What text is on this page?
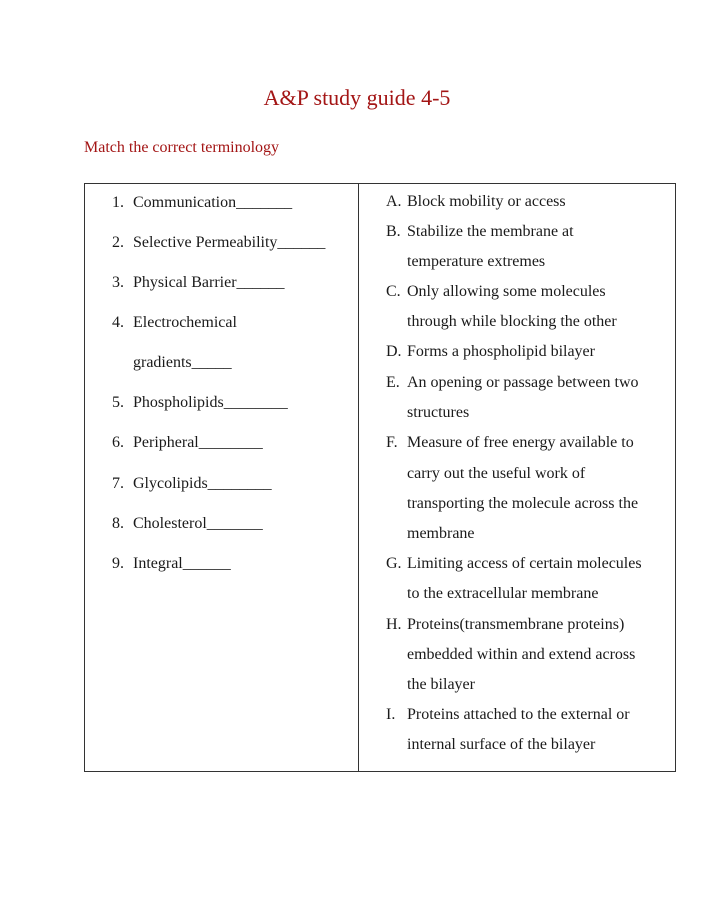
A&P study guide 4-5
Match the correct terminology
1. Communication_______
2. Selective Permeability______
3. Physical Barrier______
4. Electrochemical
gradients_____
5. Phospholipids________
6. Peripheral________
7. Glycolipids________
8. Cholesterol_______
9. Integral______
A. Block mobility or access
B. Stabilize the membrane at
temperature extremes
C. Only allowing some molecules
through while blocking the other
D. Forms a phospholipid bilayer
E. An opening or passage between two
structures
F. Measure of free energy available to
carry out the useful work of
transporting the molecule across the
membrane
G. Limiting access of certain molecules
to the extracellular membrane
H. Proteins(transmembrane proteins)
embedded within and extend across
the bilayer
I. Proteins attached to the external or
internal surface of the bilayer
